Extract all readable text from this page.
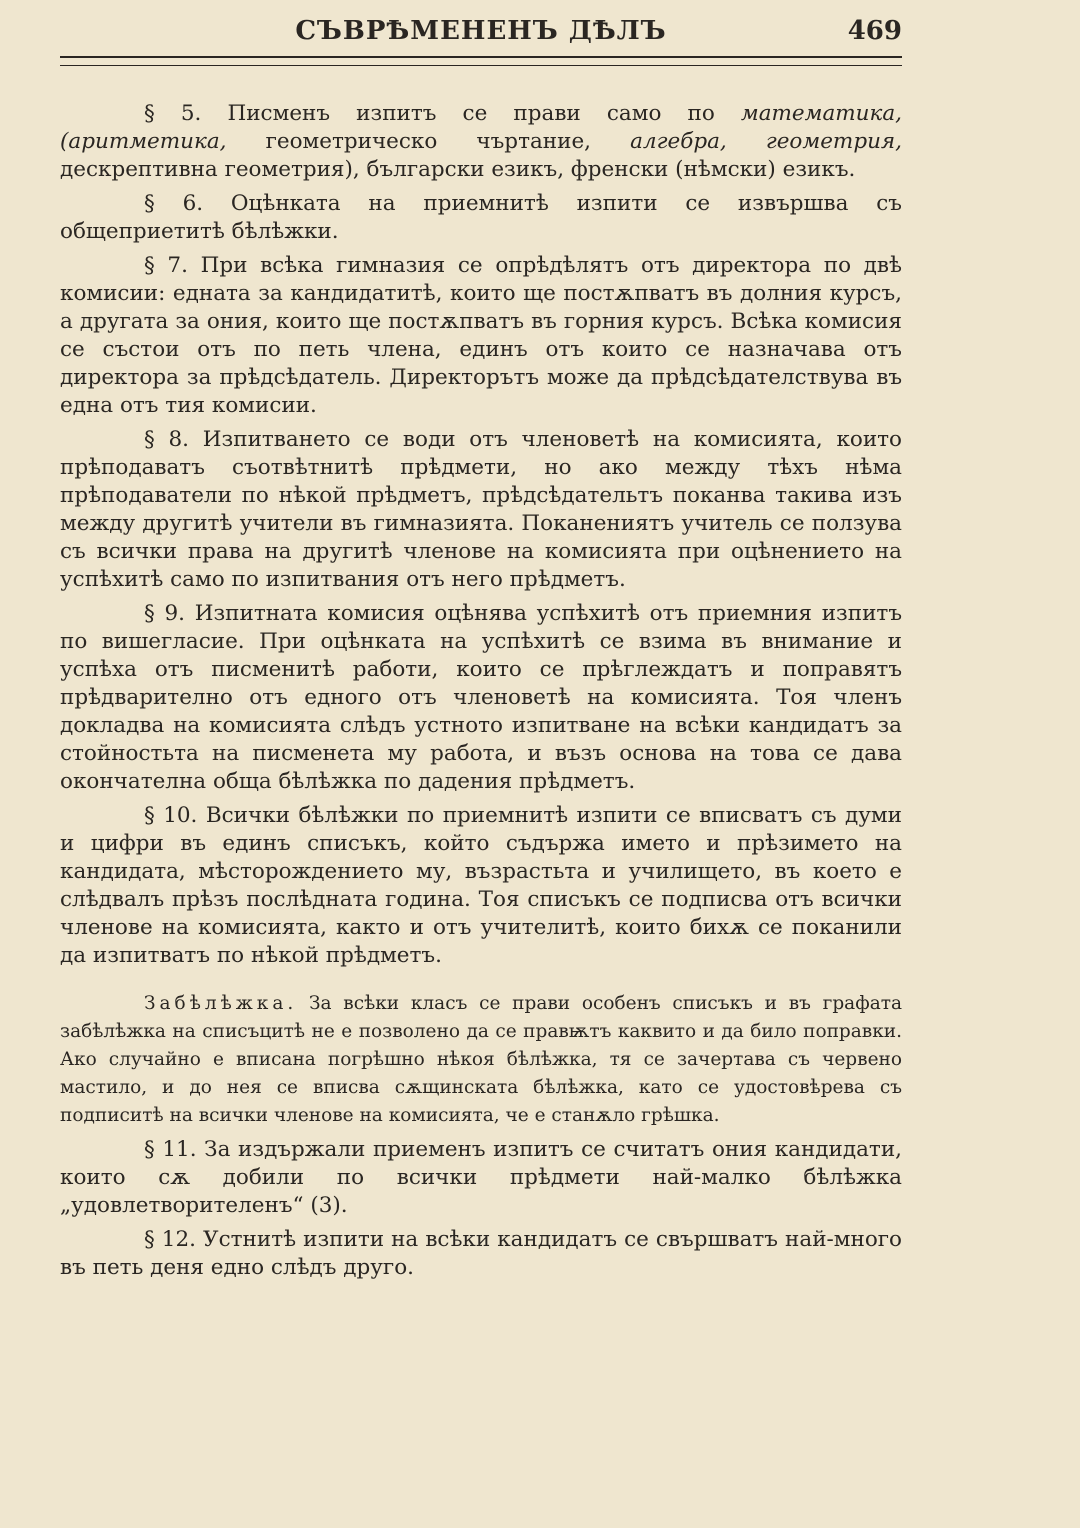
СЪВРѢМЕНЕНЪ ДѢЛЪ	469

§ 5. Писменъ изпитъ се прави само по математика, (аритметика, геометрическо чъртание, алгебра, геометрия, дескрептивна геометрия), български езикъ, френски (нѣмски) езикъ.

§ 6. Оцѣнката на приемнитѣ изпити се извършва съ общеприетитѣ бѣлѣжки.

§ 7. При всѣка гимназия се опрѣдѣлятъ отъ директора по двѣ комисии: едната за кандидатитѣ, които ще постѫпватъ въ долния курсъ, а другата за ония, които ще постѫпватъ въ горния курсъ. Всѣка комисия се състои отъ по петь члена, единъ отъ които се назначава отъ директора за прѣдсѣдатель. Директорътъ може да прѣдсѣдателствува въ една отъ тия комисии.

§ 8. Изпитването се води отъ членоветѣ на комисията, които прѣподаватъ съотвѣтнитѣ прѣдмети, но ако между тѣхъ нѣма прѣподаватели по нѣкой прѣдметъ, прѣдсѣдательтъ поканва такива изъ между другитѣ учители въ гимназията. Поканениятъ учитель се ползува съ всички права на другитѣ членове на комисията при оцѣнението на успѣхитѣ само по изпитвания отъ него прѣдметъ.

§ 9. Изпитната комисия оцѣнява успѣхитѣ отъ приемния изпитъ по вишегласие. При оцѣнката на успѣхитѣ се взима въ внимание и успѣха отъ писменитѣ работи, които се прѣглеждатъ и поправятъ прѣдварително отъ едного отъ членоветѣ на комисията. Тоя членъ докладва на комисията слѣдъ устното изпитване на всѣки кандидатъ за стойностьта на писменета му работа, и възъ основа на това се дава окончателна обща бѣлѣжка по дадения прѣдметъ.

§ 10. Всички бѣлѣжки по приемнитѣ изпити се вписватъ съ думи и цифри въ единъ списъкъ, който съдържа името и прѣзимето на кандидата, мѣсторождението му, възрастьта и училището, въ което е слѣдвалъ прѣзъ послѣдната година. Тоя списъкъ се подписва отъ всички членове на комисията, както и отъ учителитѣ, които бихѫ се поканили да изпитватъ по нѣкой прѣдметъ.

Забѣлѣжка. За всѣки класъ се прави особенъ списъкъ и въ графата забѣлѣжка на списъцитѣ не е позволено да се правѭтъ каквито и да било поправки. Ако случайно е вписана погрѣшно нѣкоя бѣлѣжка, тя се зачертава съ червено мастило, и до нея се вписва сѫщинската бѣлѣжка, като се удостовѣрева съ подписитѣ на всички членове на комисията, че е станѫло грѣшка.

§ 11. За издържали приеменъ изпитъ се считатъ ония кандидати, които сѫ добили по всички прѣдмети най-малко бѣлѣжка „удовлетворителенъ“ (3).

§ 12. Устнитѣ изпити на всѣки кандидатъ се свършватъ най-много въ петь деня едно слѣдъ друго.
